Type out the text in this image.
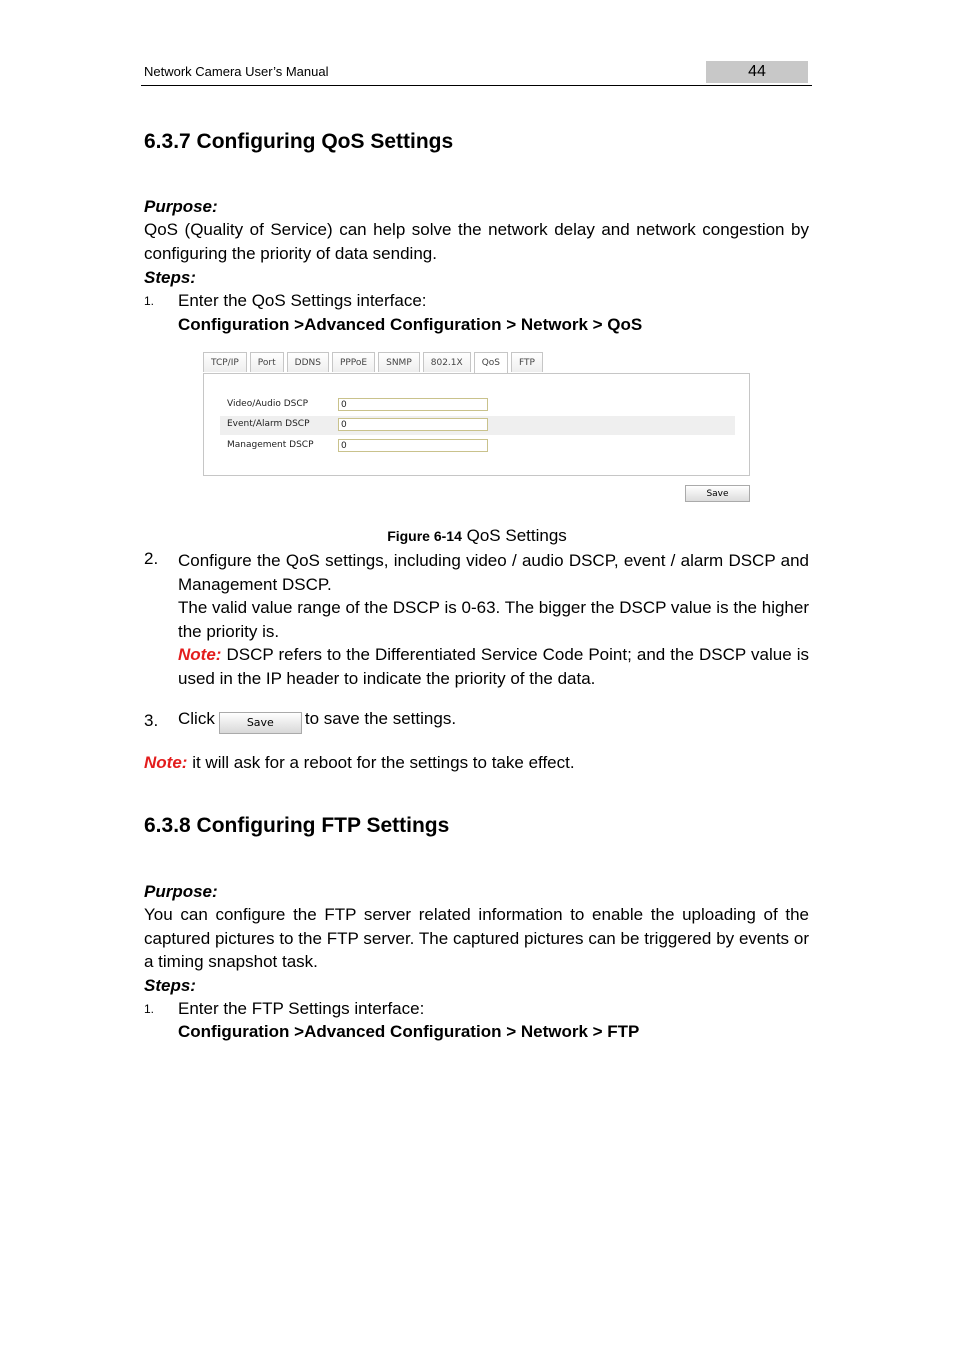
Network Camera User’s Manual	44
6.3.7 Configuring QoS Settings
Purpose:
QoS (Quality of Service) can help solve the network delay and network congestion by configuring the priority of data sending.
Steps:
1. Enter the QoS Settings interface:
Configuration >Advanced Configuration > Network > QoS
TCP/IP	Port	DDNS	PPPoE	SNMP	802.1X	QoS	FTP
Video/Audio DSCP	0
Event/Alarm DSCP	0
Management DSCP	0
Save
Figure 6-14 QoS Settings
2. Configure the QoS settings, including video / audio DSCP, event / alarm DSCP and Management DSCP.
The valid value range of the DSCP is 0-63. The bigger the DSCP value is the higher the priority is.
Note: DSCP refers to the Differentiated Service Code Point; and the DSCP value is used in the IP header to indicate the priority of the data.
3. Click	Save to save the settings.
Note: it will ask for a reboot for the settings to take effect.
6.3.8 Configuring FTP Settings
Purpose:
You can configure the FTP server related information to enable the uploading of the captured pictures to the FTP server. The captured pictures can be triggered by events or a timing snapshot task.
Steps:
1. Enter the FTP Settings interface:
Configuration >Advanced Configuration > Network > FTP
